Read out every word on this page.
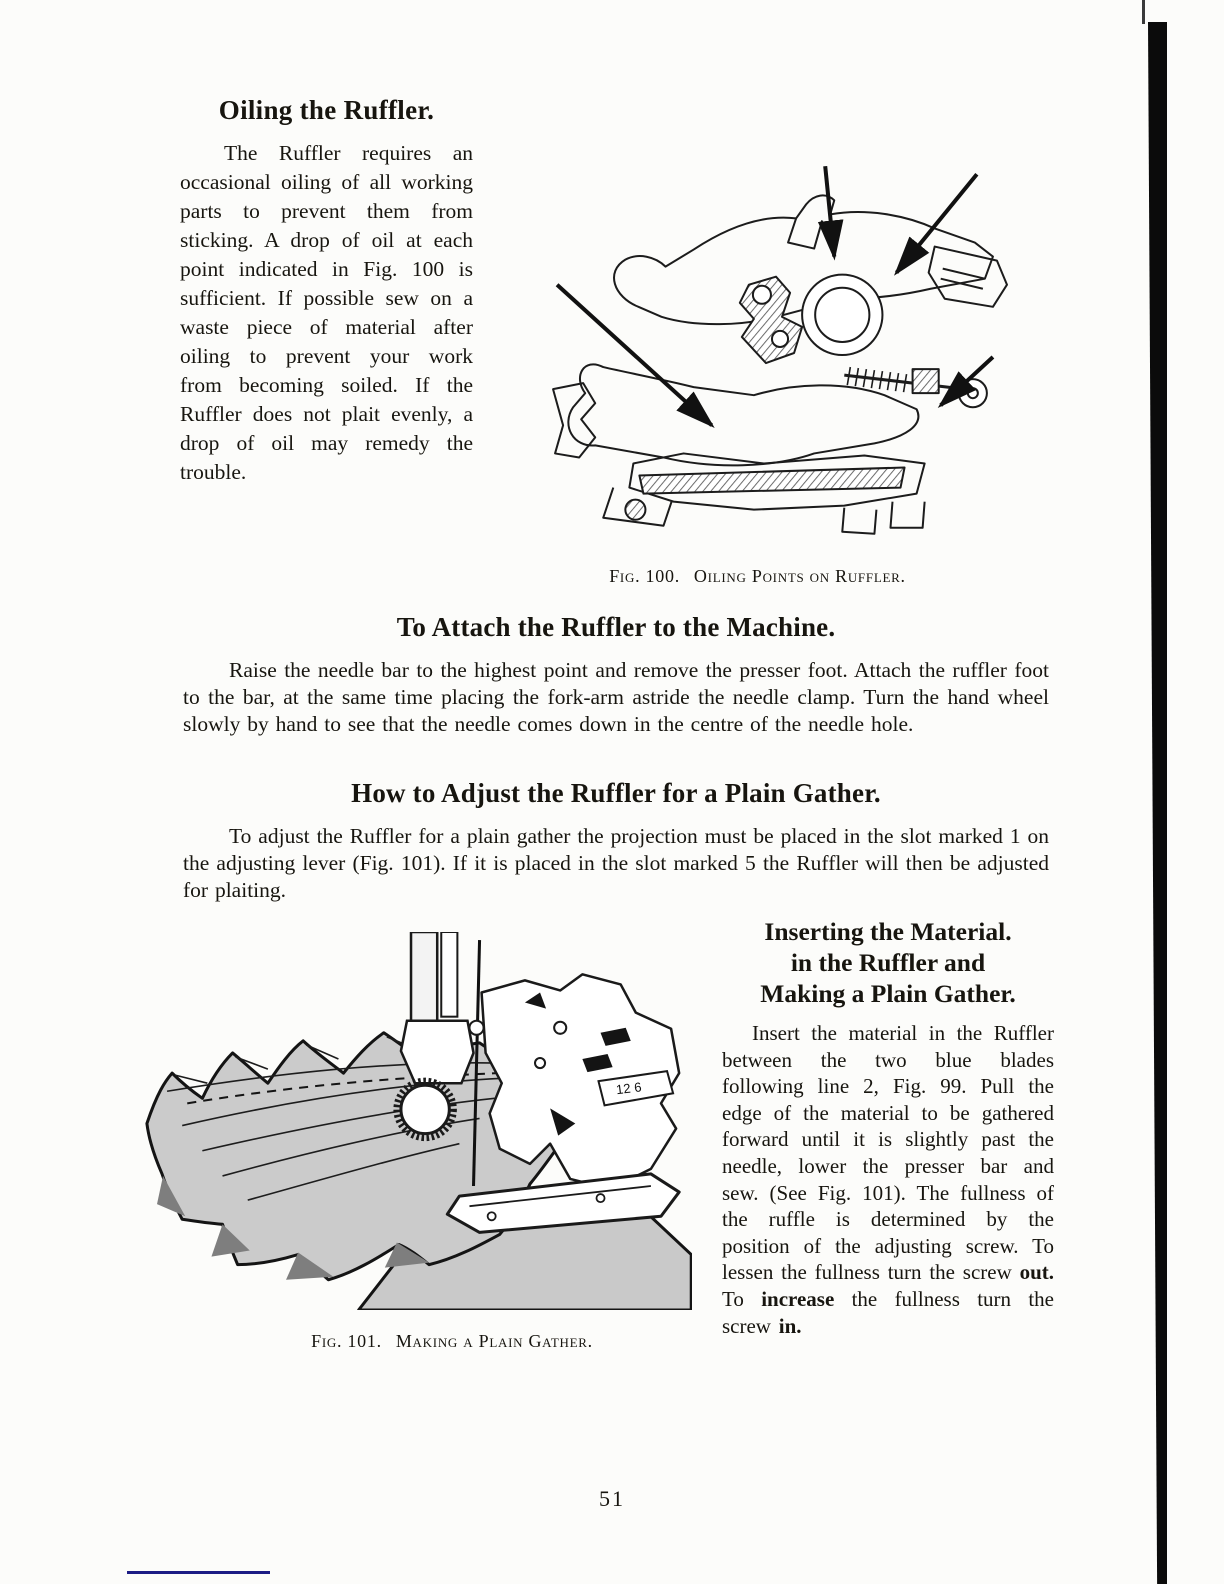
Oiling the Ruffler.

The Ruffler requires an occasional oiling of all working parts to prevent them from sticking. A drop of oil at each point indicated in Fig. 100 is sufficient. If possible sew on a waste piece of material after oiling to prevent your work from becoming soiled. If the Ruffler does not plait evenly, a drop of oil may remedy the trouble.

Fig. 100. Oiling Points on Ruffler.
To Attach the Ruffler to the Machine.

Raise the needle bar to the highest point and remove the presser foot. Attach the ruffler foot to the bar, at the same time placing the fork-arm astride the needle clamp. Turn the hand wheel slowly by hand to see that the needle comes down in the centre of the needle hole.

How to Adjust the Ruffler for a Plain Gather.

To adjust the Ruffler for a plain gather the projection must be placed in the slot marked 1 on the adjusting lever (Fig. 101). If it is placed in the slot marked 5 the Ruffler will then be adjusted for plaiting.

12 6
Inserting the Material.
in the Ruffler and
Making a Plain Gather.

Insert the material in the Ruffler between the two blue blades following line 2, Fig. 99. Pull the edge of the material to be gathered forward until it is slightly past the needle, lower the presser bar and sew. (See Fig. 101). The fullness of the ruffle is determined by the position of the adjusting screw. To lessen the fullness turn the screw out. To increase the fullness turn the screw in.

Fig. 101. Making a Plain Gather.
51
